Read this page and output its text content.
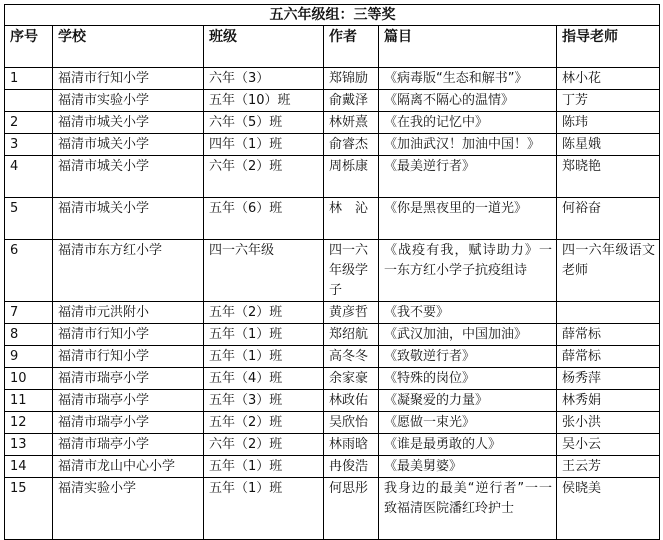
五六年级组：三等奖					
序号	学校	班级	作者	篇目	指导老师
1	福清市行知小学	六年（3）	郑锦励	《病毒版“生态和解书”》	林小花
	福清市实验小学	五年（10）班	俞戴泽	《隔离不隔心的温情》	丁芳
2	福清市城关小学	六年（5）班	林妍熹	《在我的记忆中》	陈玮
3	福清市城关小学	四年（1）班	俞睿杰	《加油武汉！加油中国！》	陈星娥
4	福清市城关小学	六年（2）班	周栎康	《最美逆行者》	郑晓艳
5	福清市城关小学	五年（6）班	林　沁	《你是黑夜里的一道光》	何裕奋
6	福清市东方红小学	四一六年级	四一六年级学子	《战疫有我，赋诗助力》一一东方红小学子抗疫组诗	四一六年级语文老师
7	福清市元洪附小	五年（2）班	黄彦哲	《我不要》	
8	福清市行知小学	五年（1）班	郑绍航	《武汉加油，中国加油》	薛常标
9	福清市行知小学	五年（1）班	高冬冬	《致敬逆行者》	薛常标
10	福清市瑞亭小学	五年（4）班	余家豪	《特殊的岗位》	杨秀萍
11	福清市瑞亭小学	五年（3）班	林政佑	《凝聚爱的力量》	林秀娟
12	福清市瑞亭小学	五年（2）班	吴欣怡	《愿做一束光》	张小洪
13	福清市瑞亭小学	六年（2）班	林雨晗	《谁是最勇敢的人》	吴小云
14	福清市龙山中心小学	五年（1）班	冉俊浩	《最美舅婆》	王云芳
15	福清实验小学	五年（1）班	何思彤	我身边的最美“逆行者”一一致福清医院潘红玲护士	侯晓美
